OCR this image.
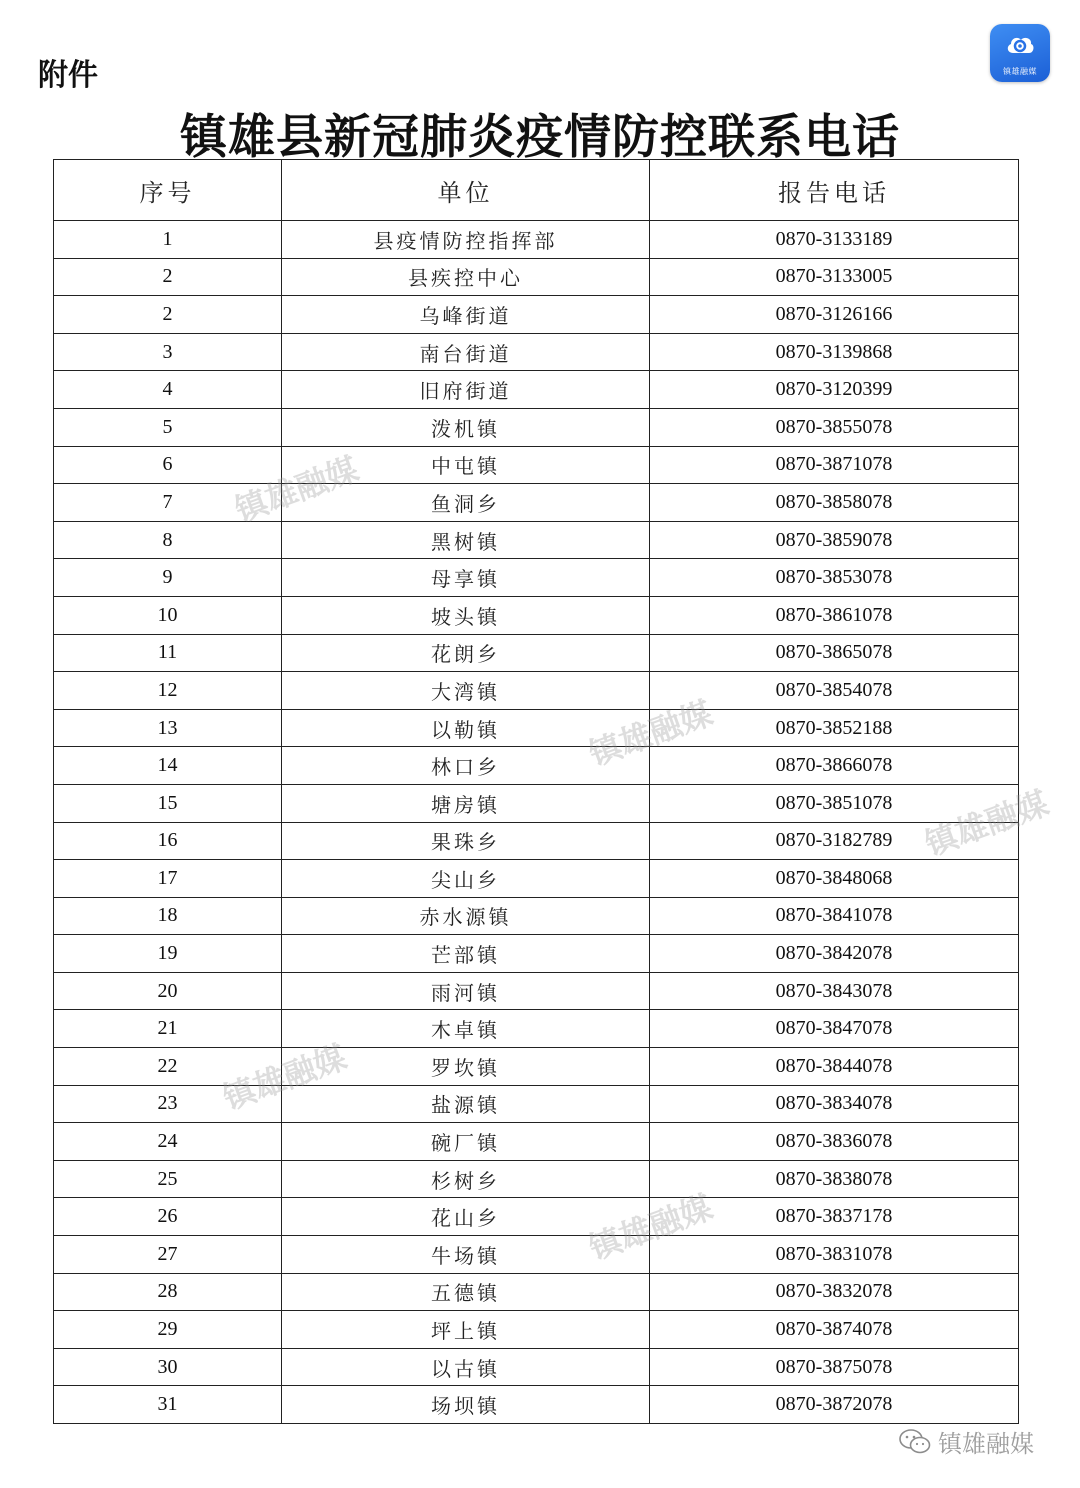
附件	镇雄融媒
镇雄县新冠肺炎疫情防控联系电话
序号	单位	报告电话
1	县疫情防控指挥部	0870-3133189
2	县疾控中心	0870-3133005
2	乌峰街道	0870-3126166
3	南台街道	0870-3139868
4	旧府街道	0870-3120399
5	泼机镇	0870-3855078
6	中屯镇	0870-3871078
7	鱼洞乡	0870-3858078
8	黑树镇	0870-3859078
9	母享镇	0870-3853078
10	坡头镇	0870-3861078
11	花朗乡	0870-3865078
12	大湾镇	0870-3854078
13	以勒镇	0870-3852188
14	林口乡	0870-3866078
15	塘房镇	0870-3851078
16	果珠乡	0870-3182789
17	尖山乡	0870-3848068
18	赤水源镇	0870-3841078
19	芒部镇	0870-3842078
20	雨河镇	0870-3843078
21	木卓镇	0870-3847078
22	罗坎镇	0870-3844078
23	盐源镇	0870-3834078
24	碗厂镇	0870-3836078
25	杉树乡	0870-3838078
26	花山乡	0870-3837178
27	牛场镇	0870-3831078
28	五德镇	0870-3832078
29	坪上镇	0870-3874078
30	以古镇	0870-3875078
31	场坝镇	0870-3872078
镇雄融媒
镇雄融媒
镇雄融媒
镇雄融媒
镇雄融媒
镇雄融媒
